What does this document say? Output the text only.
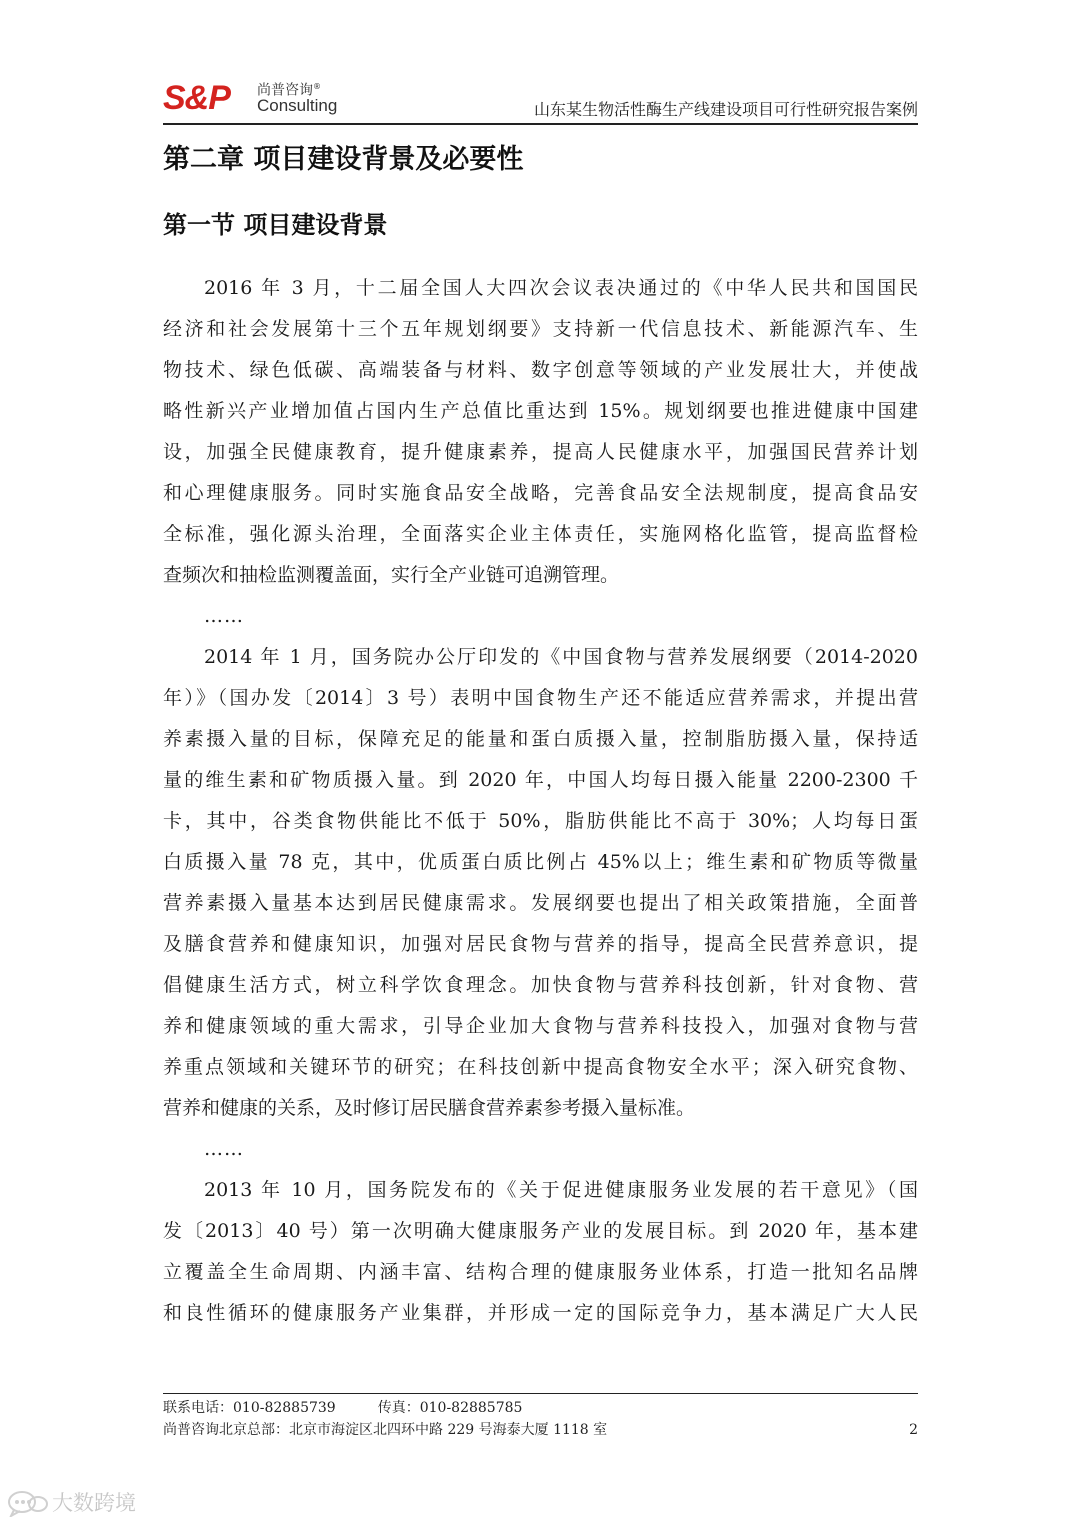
S&P 尚普咨询®
Consulting	山东某生物活性酶生产线建设项目可行性研究报告案例
第二章 项目建设背景及必要性
第一节 项目建设背景
2016 年 3 月，十二届全国人大四次会议表决通过的《中华人民共和国国民
经济和社会发展第十三个五年规划纲要》支持新一代信息技术、新能源汽车、生
物技术、绿色低碳、高端装备与材料、数字创意等领域的产业发展壮大，并使战
略性新兴产业增加值占国内生产总值比重达到 15%。规划纲要也推进健康中国建
设，加强全民健康教育，提升健康素养，提高人民健康水平，加强国民营养计划
和心理健康服务。同时实施食品安全战略，完善食品安全法规制度，提高食品安
全标准，强化源头治理，全面落实企业主体责任，实施网格化监管，提高监督检
查频次和抽检监测覆盖面，实行全产业链可追溯管理。
……
2014 年 1 月，国务院办公厅印发的《中国食物与营养发展纲要（2014-2020
年）》（国办发〔2014〕3 号）表明中国食物生产还不能适应营养需求，并提出营
养素摄入量的目标，保障充足的能量和蛋白质摄入量，控制脂肪摄入量，保持适
量的维生素和矿物质摄入量。到 2020 年，中国人均每日摄入能量 2200-2300 千
卡，其中，谷类食物供能比不低于 50%，脂肪供能比不高于 30%；人均每日蛋
白质摄入量 78 克，其中，优质蛋白质比例占 45%以上；维生素和矿物质等微量
营养素摄入量基本达到居民健康需求。发展纲要也提出了相关政策措施，全面普
及膳食营养和健康知识，加强对居民食物与营养的指导，提高全民营养意识，提
倡健康生活方式，树立科学饮食理念。加快食物与营养科技创新，针对食物、营
养和健康领域的重大需求，引导企业加大食物与营养科技投入，加强对食物与营
养重点领域和关键环节的研究；在科技创新中提高食物安全水平；深入研究食物、
营养和健康的关系，及时修订居民膳食营养素参考摄入量标准。
……
2013 年 10 月，国务院发布的《关于促进健康服务业发展的若干意见》（国
发〔2013〕40 号）第一次明确大健康服务产业的发展目标。到 2020 年，基本建
立覆盖全生命周期、内涵丰富、结构合理的健康服务业体系，打造一批知名品牌
和良性循环的健康服务产业集群，并形成一定的国际竞争力，基本满足广大人民
联系电话：010-82885739	传真：010-82885785
尚普咨询北京总部：北京市海淀区北四环中路 229 号海泰大厦 1118 室	2
大数跨境
